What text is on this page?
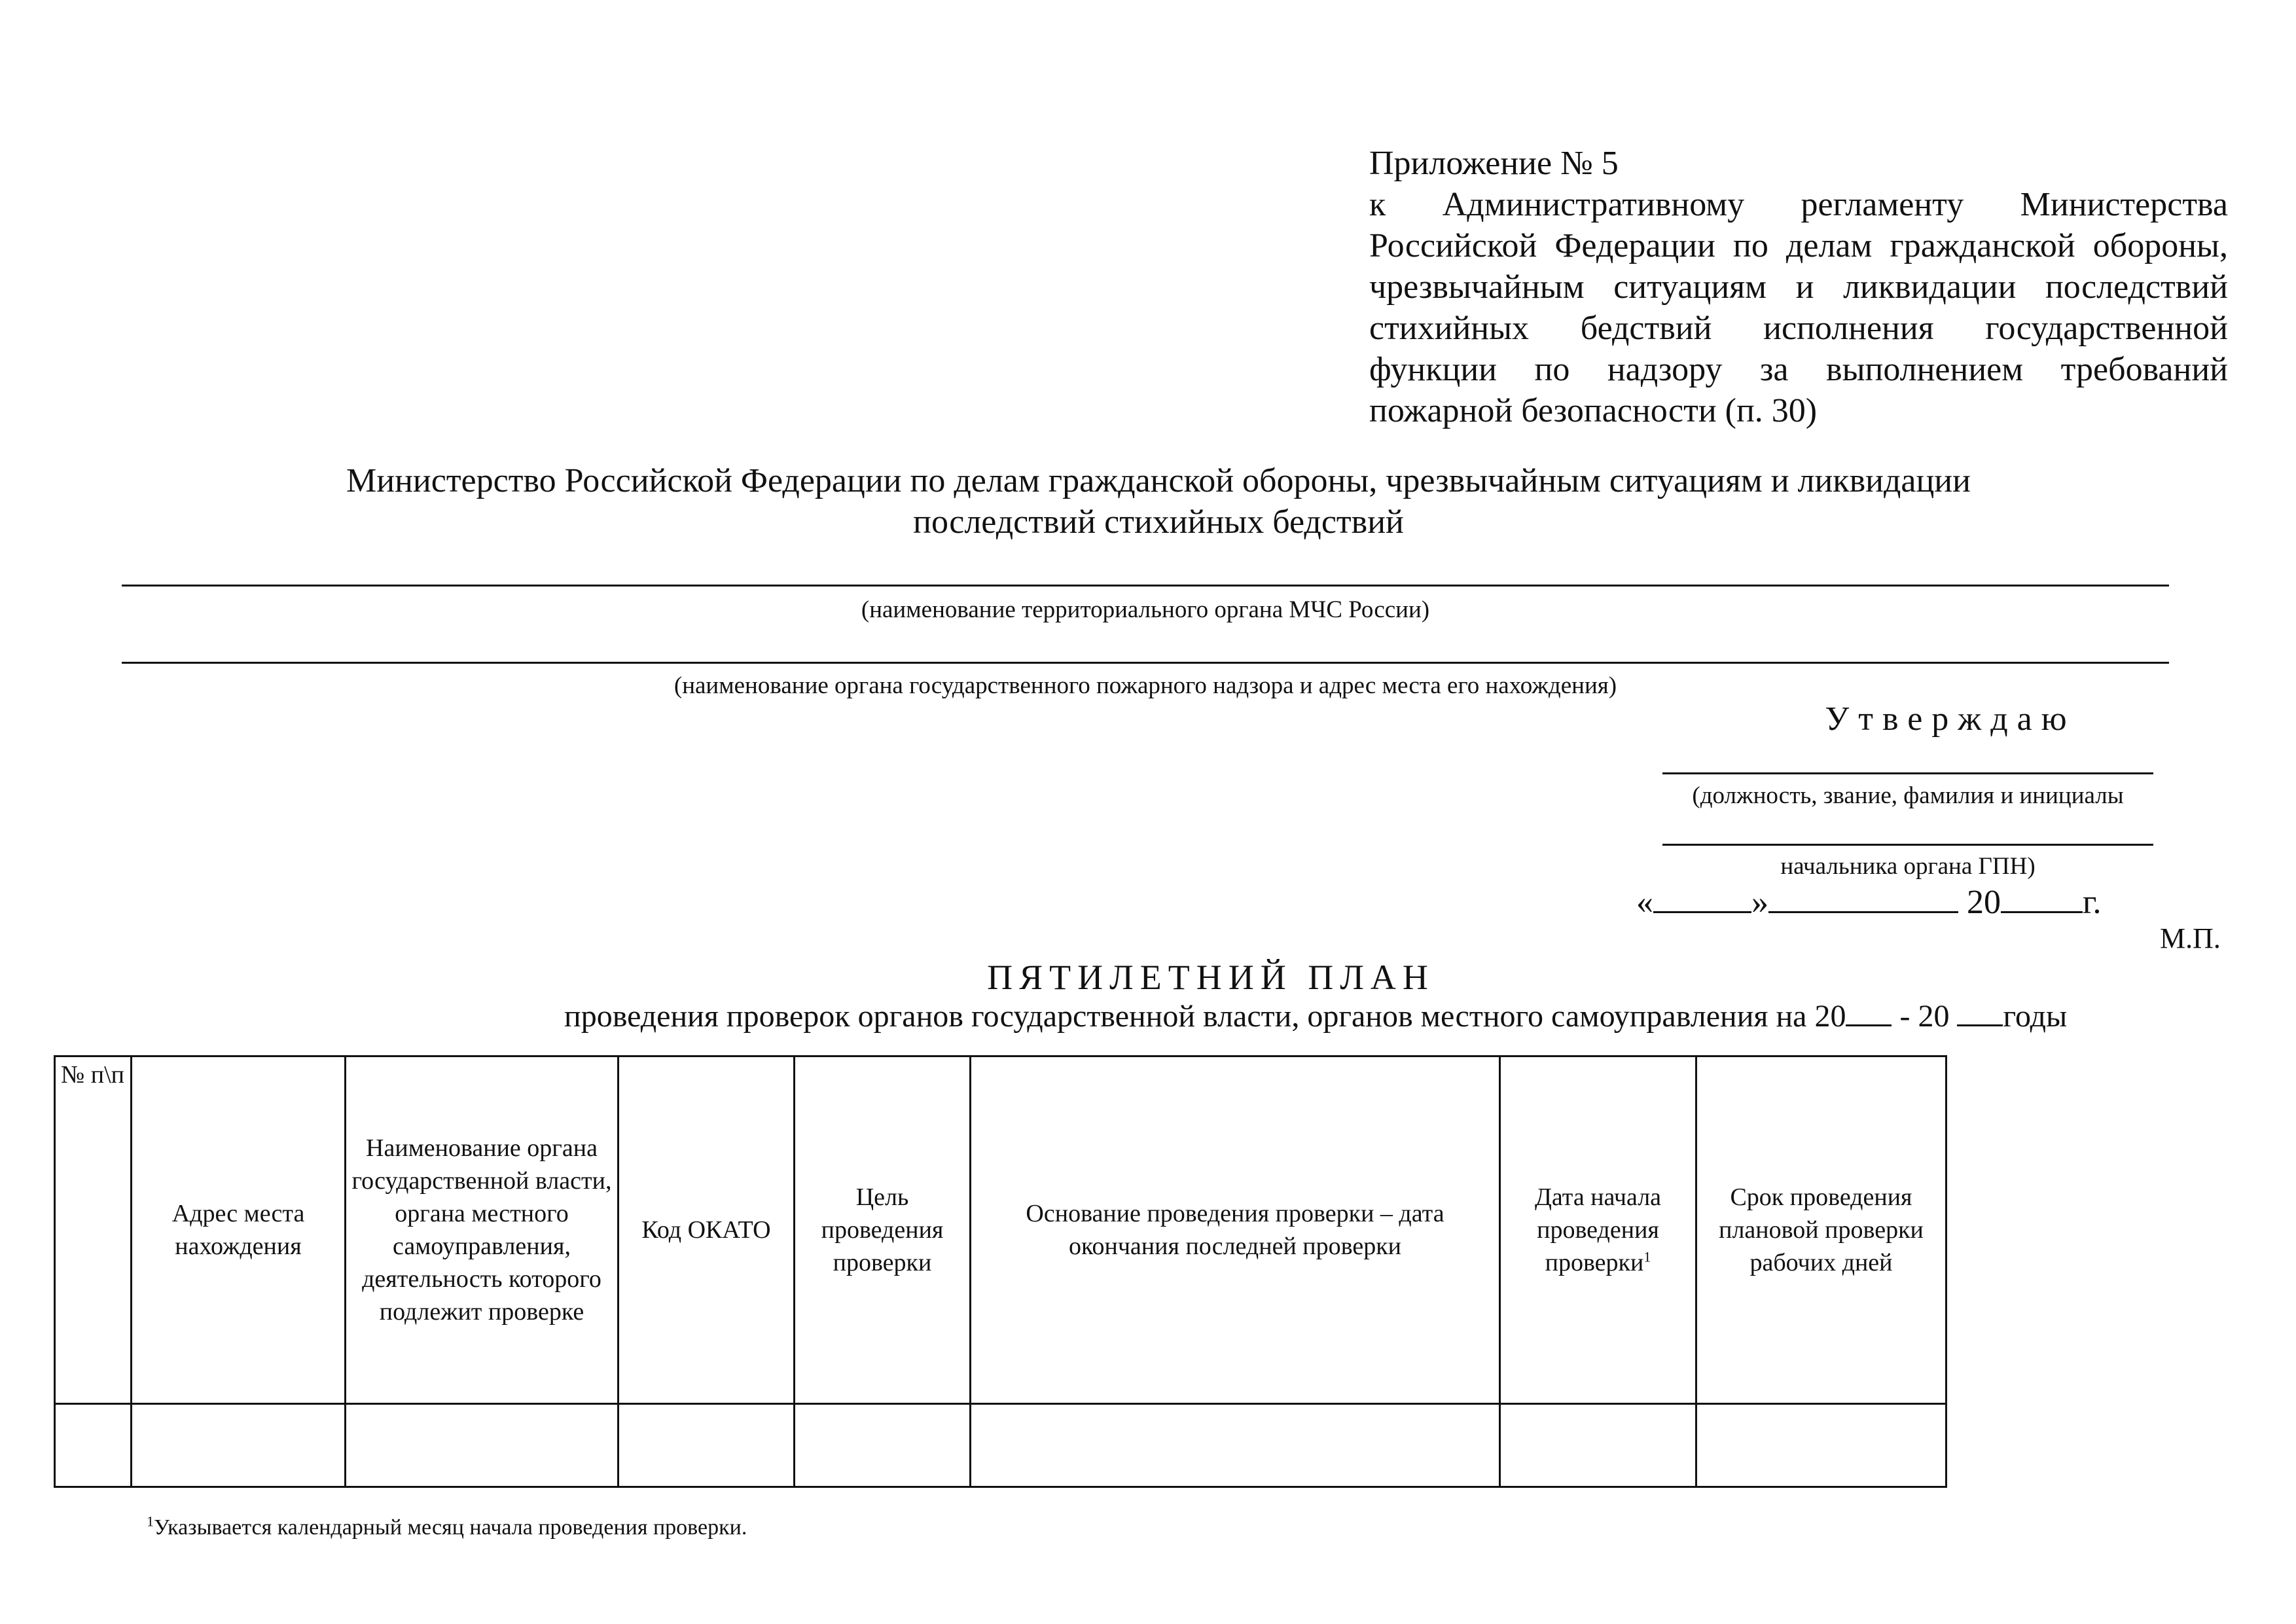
Приложение № 5
к Административному регламенту Министерства Российской Федерации по делам гражданской обороны, чрезвычайным ситуациям и ликвидации последствий стихийных бедствий исполнения государственной функции по надзору за выполнением требований пожарной безопасности (п. 30)
Министерство Российской Федерации по делам гражданской обороны, чрезвычайным ситуациям и ликвидации
последствий стихийных бедствий
(наименование территориального органа МЧС России)
(наименование органа государственного пожарного надзора и адрес места его нахождения)
Утверждаю
(должность, звание, фамилия и инициалы
начальника органа ГПН)
«	»	20 г.
М.П.
ПЯТИЛЕТНИЙ ПЛАН
проведения проверок органов государственной власти, органов местного самоуправления на 20 - 20 годы
№ п\п	Адрес места нахождения	Наименование органа государственной власти, органа местного самоуправления, деятельность которого подлежит проверке	Код ОКАТО	Цель проведения проверки	Основание проведения проверки – дата окончания последней проверки	Дата начала проведения проверки$^1$	Срок проведения плановой проверки рабочих дней

$^1$Указывается календарный месяц начала проведения проверки.
